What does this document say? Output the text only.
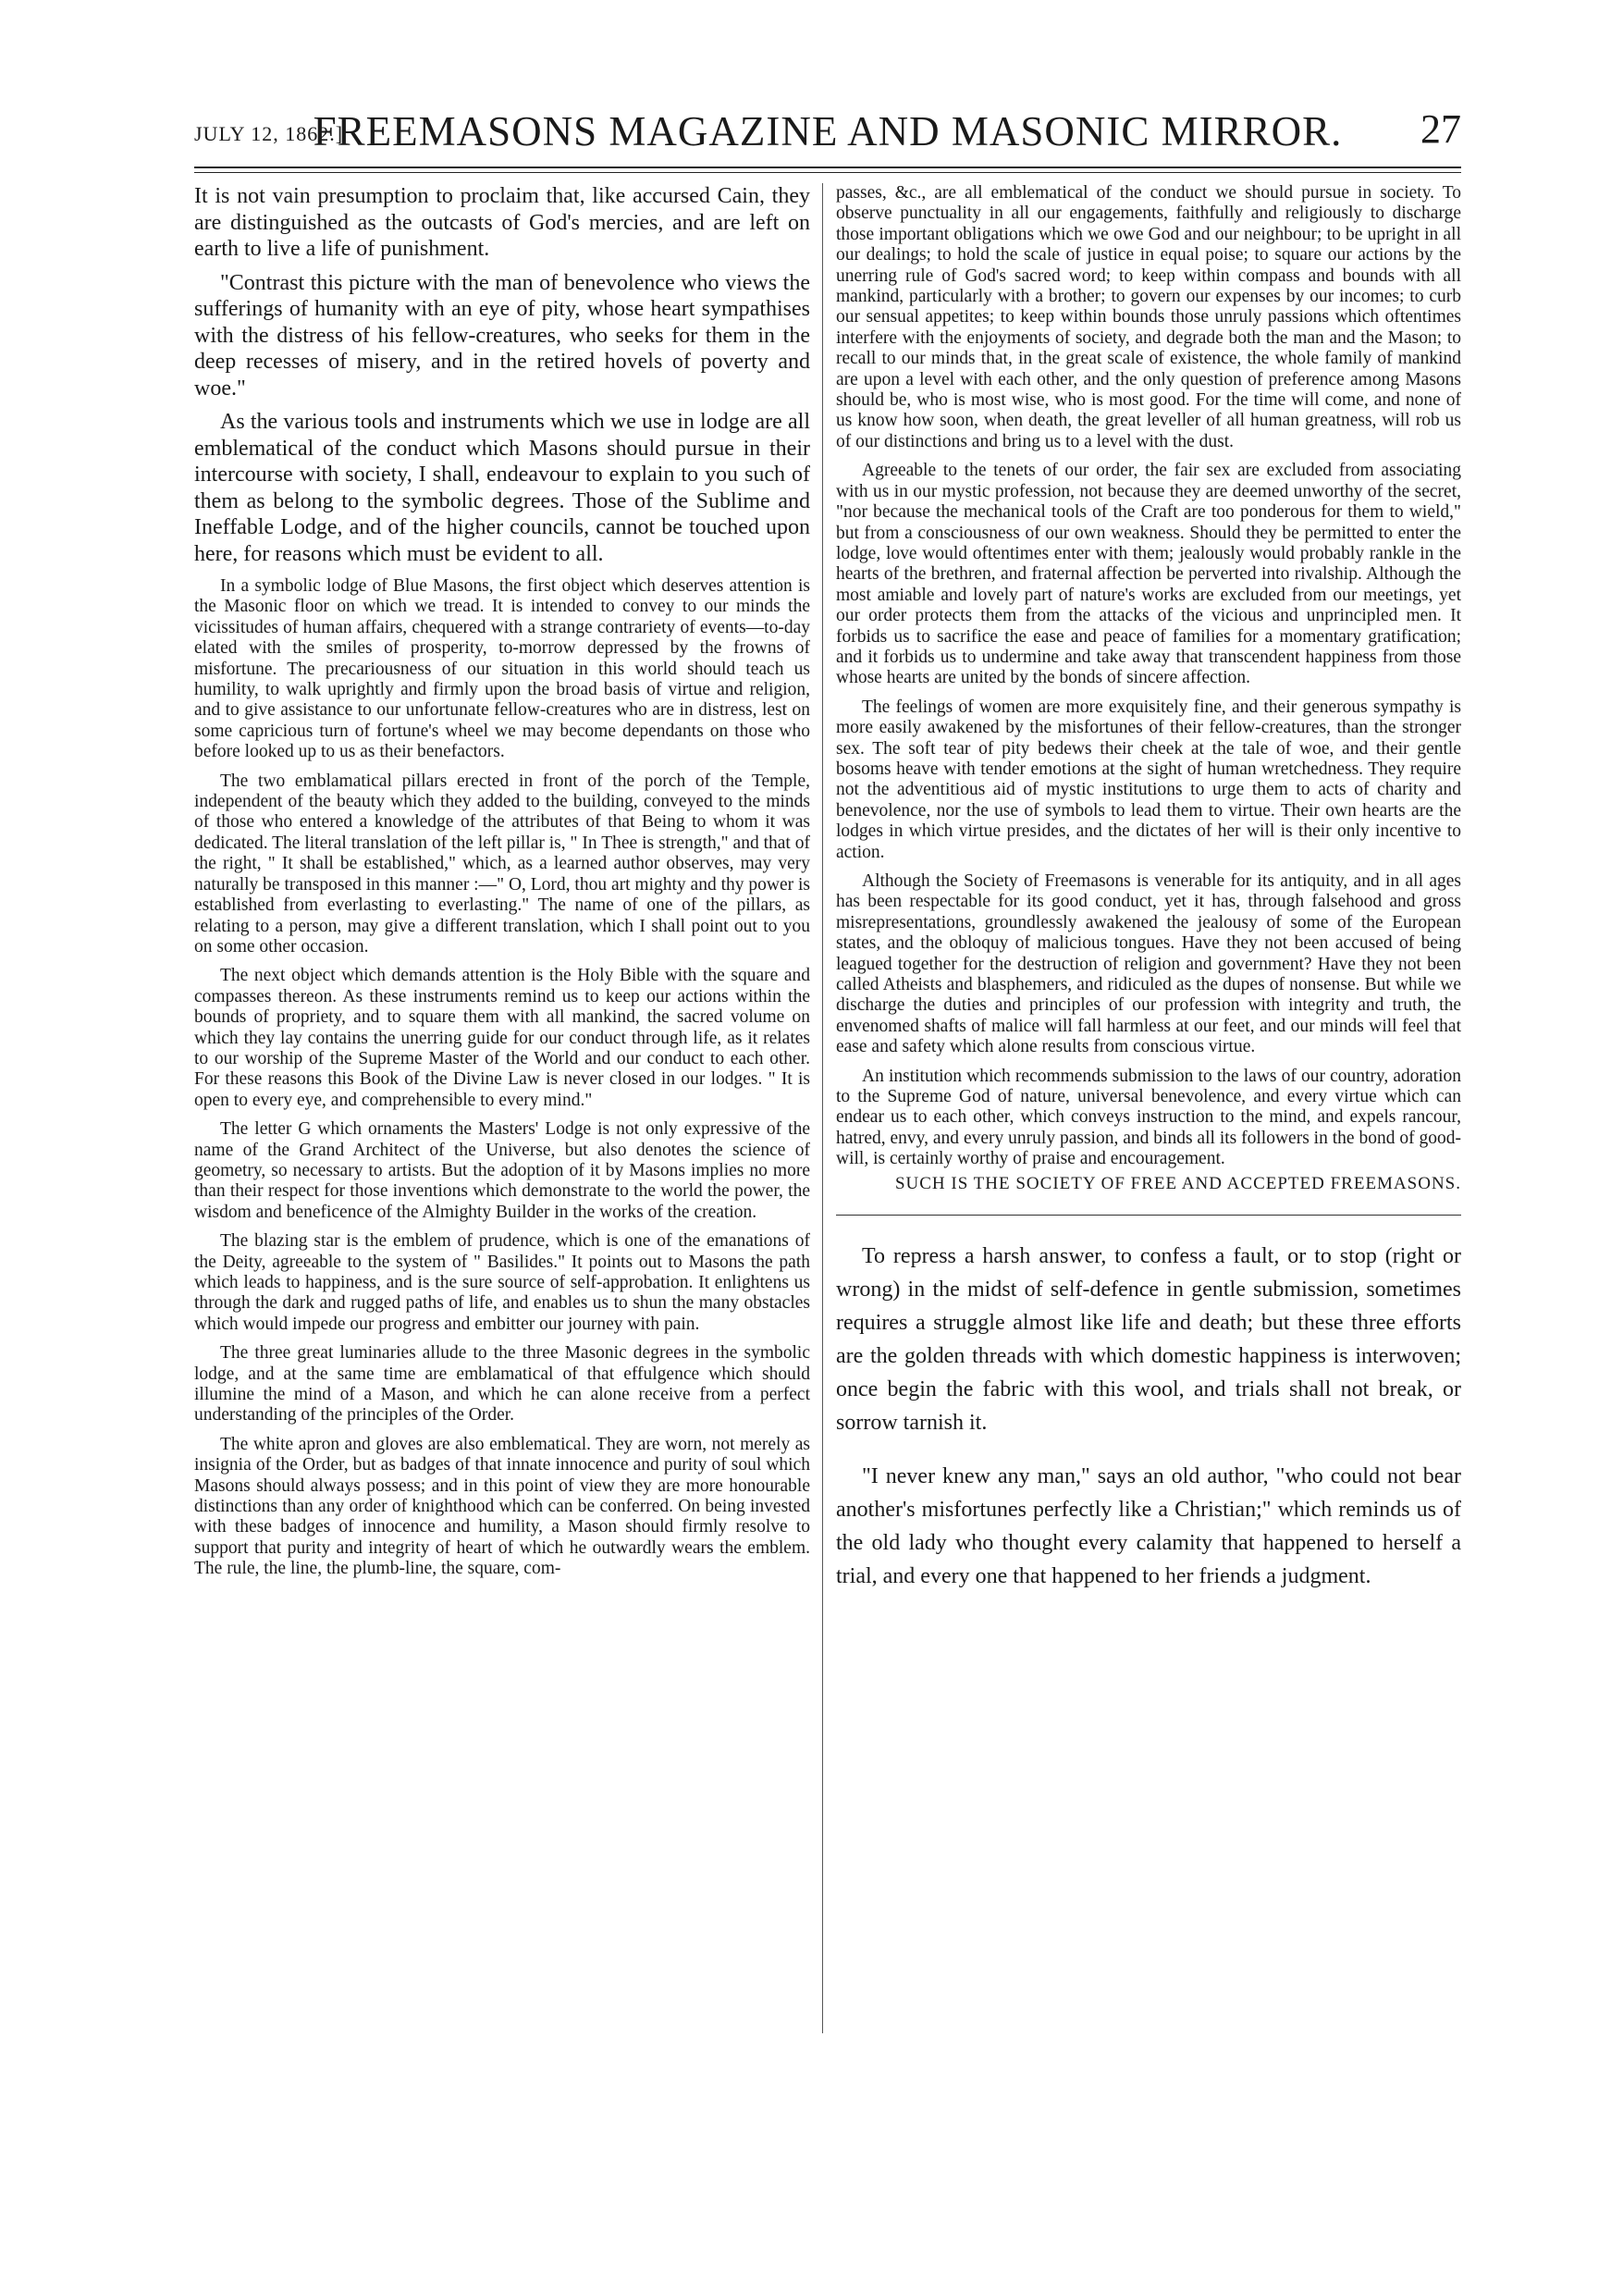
JULY 12, 1862.]
FREEMASONS MAGAZINE AND MASONIC MIRROR.	27

It is not vain presumption to proclaim that, like accursed Cain, they are distinguished as the outcasts of God's mercies, and are left on earth to live a life of punishment.

"Contrast this picture with the man of benevolence who views the sufferings of humanity with an eye of pity, whose heart sympathises with the distress of his fellow-creatures, who seeks for them in the deep recesses of misery, and in the retired hovels of poverty and woe."

As the various tools and instruments which we use in lodge are all emblematical of the conduct which Masons should pursue in their intercourse with society, I shall, endeavour to explain to you such of them as belong to the symbolic degrees. Those of the Sublime and Ineffable Lodge, and of the higher councils, cannot be touched upon here, for reasons which must be evident to all.

In a symbolic lodge of Blue Masons, the first object which deserves attention is the Masonic floor on which we tread. It is intended to convey to our minds the vicissitudes of human affairs, chequered with a strange contrariety of events—to-day elated with the smiles of prosperity, to-morrow depressed by the frowns of misfortune. The precariousness of our situation in this world should teach us humility, to walk uprightly and firmly upon the broad basis of virtue and religion, and to give assistance to our unfortunate fellow-creatures who are in distress, lest on some capricious turn of fortune's wheel we may become dependants on those who before looked up to us as their benefactors.

The two emblamatical pillars erected in front of the porch of the Temple, independent of the beauty which they added to the building, conveyed to the minds of those who entered a knowledge of the attributes of that Being to whom it was dedicated. The literal translation of the left pillar is, " In Thee is strength," and that of the right, " It shall be established," which, as a learned author observes, may very naturally be transposed in this manner :—" O, Lord, thou art mighty and thy power is established from everlasting to everlasting." The name of one of the pillars, as relating to a person, may give a different translation, which I shall point out to you on some other occasion.

The next object which demands attention is the Holy Bible with the square and compasses thereon. As these instruments remind us to keep our actions within the bounds of propriety, and to square them with all mankind, the sacred volume on which they lay contains the unerring guide for our conduct through life, as it relates to our worship of the Supreme Master of the World and our conduct to each other. For these reasons this Book of the Divine Law is never closed in our lodges. " It is open to every eye, and comprehensible to every mind."

The letter G which ornaments the Masters' Lodge is not only expressive of the name of the Grand Architect of the Universe, but also denotes the science of geometry, so necessary to artists. But the adoption of it by Masons implies no more than their respect for those inventions which demonstrate to the world the power, the wisdom and beneficence of the Almighty Builder in the works of the creation.

The blazing star is the emblem of prudence, which is one of the emanations of the Deity, agreeable to the system of " Basilides." It points out to Masons the path which leads to happiness, and is the sure source of self-approbation. It enlightens us through the dark and rugged paths of life, and enables us to shun the many obstacles which would impede our progress and embitter our journey with pain.

The three great luminaries allude to the three Masonic degrees in the symbolic lodge, and at the same time are emblamatical of that effulgence which should illumine the mind of a Mason, and which he can alone receive from a perfect understanding of the principles of the Order.

The white apron and gloves are also emblematical. They are worn, not merely as insignia of the Order, but as badges of that innate innocence and purity of soul which Masons should always possess; and in this point of view they are more honourable distinctions than any order of knighthood which can be conferred. On being invested with these badges of innocence and humility, a Mason should firmly resolve to support that purity and integrity of heart of which he outwardly wears the emblem. The rule, the line, the plumb-line, the square, com-

passes, &c., are all emblematical of the conduct we should pursue in society. To observe punctuality in all our engagements, faithfully and religiously to discharge those important obligations which we owe God and our neighbour; to be upright in all our dealings; to hold the scale of justice in equal poise; to square our actions by the unerring rule of God's sacred word; to keep within compass and bounds with all mankind, particularly with a brother; to govern our expenses by our incomes; to curb our sensual appetites; to keep within bounds those unruly passions which oftentimes interfere with the enjoyments of society, and degrade both the man and the Mason; to recall to our minds that, in the great scale of existence, the whole family of mankind are upon a level with each other, and the only question of preference among Masons should be, who is most wise, who is most good. For the time will come, and none of us know how soon, when death, the great leveller of all human greatness, will rob us of our distinctions and bring us to a level with the dust.

Agreeable to the tenets of our order, the fair sex are excluded from associating with us in our mystic profession, not because they are deemed unworthy of the secret, "nor because the mechanical tools of the Craft are too ponderous for them to wield," but from a consciousness of our own weakness. Should they be permitted to enter the lodge, love would oftentimes enter with them; jealously would probably rankle in the hearts of the brethren, and fraternal affection be perverted into rivalship. Although the most amiable and lovely part of nature's works are excluded from our meetings, yet our order protects them from the attacks of the vicious and unprincipled men. It forbids us to sacrifice the ease and peace of families for a momentary gratification; and it forbids us to undermine and take away that transcendent happiness from those whose hearts are united by the bonds of sincere affection.

The feelings of women are more exquisitely fine, and their generous sympathy is more easily awakened by the misfortunes of their fellow-creatures, than the stronger sex. The soft tear of pity bedews their cheek at the tale of woe, and their gentle bosoms heave with tender emotions at the sight of human wretchedness. They require not the adventitious aid of mystic institutions to urge them to acts of charity and benevolence, nor the use of symbols to lead them to virtue. Their own hearts are the lodges in which virtue presides, and the dictates of her will is their only incentive to action.

Although the Society of Freemasons is venerable for its antiquity, and in all ages has been respectable for its good conduct, yet it has, through falsehood and gross misrepresentations, groundlessly awakened the jealousy of some of the European states, and the obloquy of malicious tongues. Have they not been accused of being leagued together for the destruction of religion and government? Have they not been called Atheists and blasphemers, and ridiculed as the dupes of nonsense. But while we discharge the duties and principles of our profession with integrity and truth, the envenomed shafts of malice will fall harmless at our feet, and our minds will feel that ease and safety which alone results from conscious virtue.

An institution which recommends submission to the laws of our country, adoration to the Supreme God of nature, universal benevolence, and every virtue which can endear us to each other, which conveys instruction to the mind, and expels rancour, hatred, envy, and every unruly passion, and binds all its followers in the bond of good-will, is certainly worthy of praise and encouragement.

SUCH IS THE SOCIETY OF FREE AND ACCEPTED FREEMASONS.

To repress a harsh answer, to confess a fault, or to stop (right or wrong) in the midst of self-defence in gentle submission, sometimes requires a struggle almost like life and death; but these three efforts are the golden threads with which domestic happiness is interwoven; once begin the fabric with this wool, and trials shall not break, or sorrow tarnish it.

"I never knew any man," says an old author, "who could not bear another's misfortunes perfectly like a Christian;" which reminds us of the old lady who thought every calamity that happened to herself a trial, and every one that happened to her friends a judgment.
